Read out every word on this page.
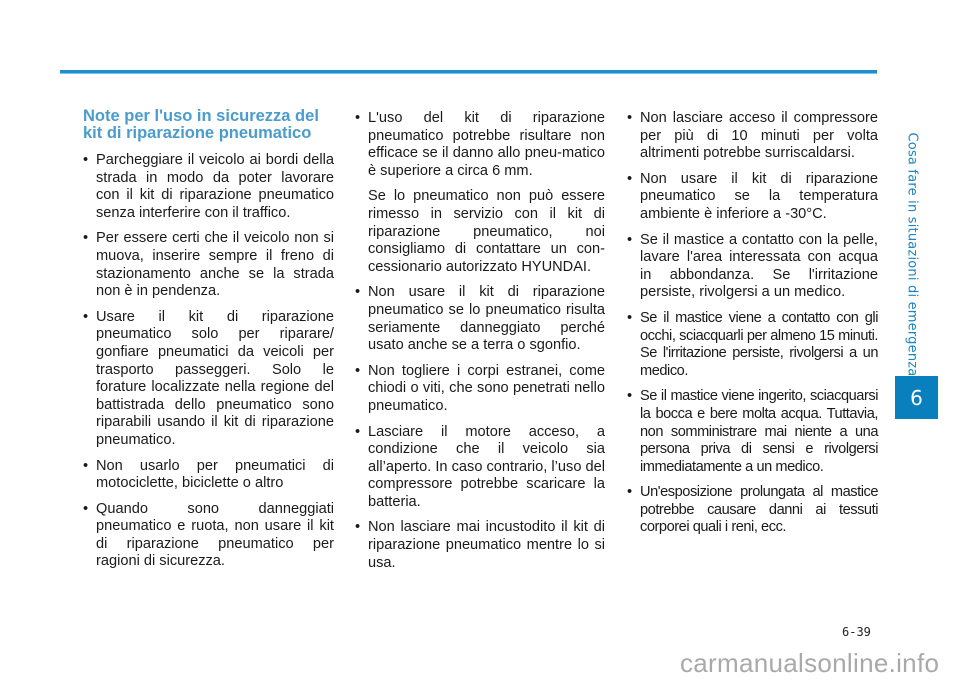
Note per l'uso in sicurezza del kit di riparazione pneumatico
• Parcheggiare il veicolo ai bordi della strada in modo da poter lavorare con il kit di riparazione pneumatico senza interferire con il traffico.

• Per essere certi che il veicolo non si muova, inserire sempre il freno di stazionamento anche se la strada non è in pendenza.

• Usare il kit di riparazione pneumatico solo per riparare/ gonfiare pneumatici da veicoli per trasporto passeggeri. Solo le forature localizzate nella regione del battistrada dello pneumatico sono riparabili usando il kit di riparazione pneumatico.

• Non usarlo per pneumatici di motociclette, biciclette o altro

• Quando sono danneggiati pneumatico e ruota, non usare il kit di riparazione pneumatico per ragioni di sicurezza.

• L'uso del kit di riparazione pneumatico potrebbe risultare non efficace se il danno allo pneu-matico è superiore a circa 6 mm.

Se lo pneumatico non può essere rimesso in servizio con il kit di riparazione pneumatico, noi consigliamo di contattare un con-cessionario autorizzato HYUNDAI.

• Non usare il kit di riparazione pneumatico se lo pneumatico risulta seriamente danneggiato perché usato anche se a terra o sgonfio.

• Non togliere i corpi estranei, come chiodi o viti, che sono penetrati nello pneumatico.

• Lasciare il motore acceso, a condizione che il veicolo sia all’aperto. In caso contrario, l’uso del compressore potrebbe scaricare la batteria.

• Non lasciare mai incustodito il kit di riparazione pneumatico mentre lo si usa.

• Non lasciare acceso il compressore per più di 10 minuti per volta altrimenti potrebbe surriscaldarsi.

• Non usare il kit di riparazione pneumatico se la temperatura ambiente è inferiore a -30°C.

• Se il mastice a contatto con la pelle, lavare l'area interessata con acqua in abbondanza. Se l'irritazione persiste, rivolgersi a un medico.

• Se il mastice viene a contatto con gli occhi, sciacquarli per almeno 15 minuti. Se l'irritazione persiste, rivolgersi a un medico.

• Se il mastice viene ingerito, sciacquarsi la bocca e bere molta acqua. Tuttavia, non somministrare mai niente a una persona priva di sensi e rivolgersi immediatamente a un medico.

• Un'esposizione prolungata al mastice potrebbe causare danni ai tessuti corporei quali i reni, ecc.

Cosa fare in situazioni di emergenza
6
6-39
carmanualsonline.info
